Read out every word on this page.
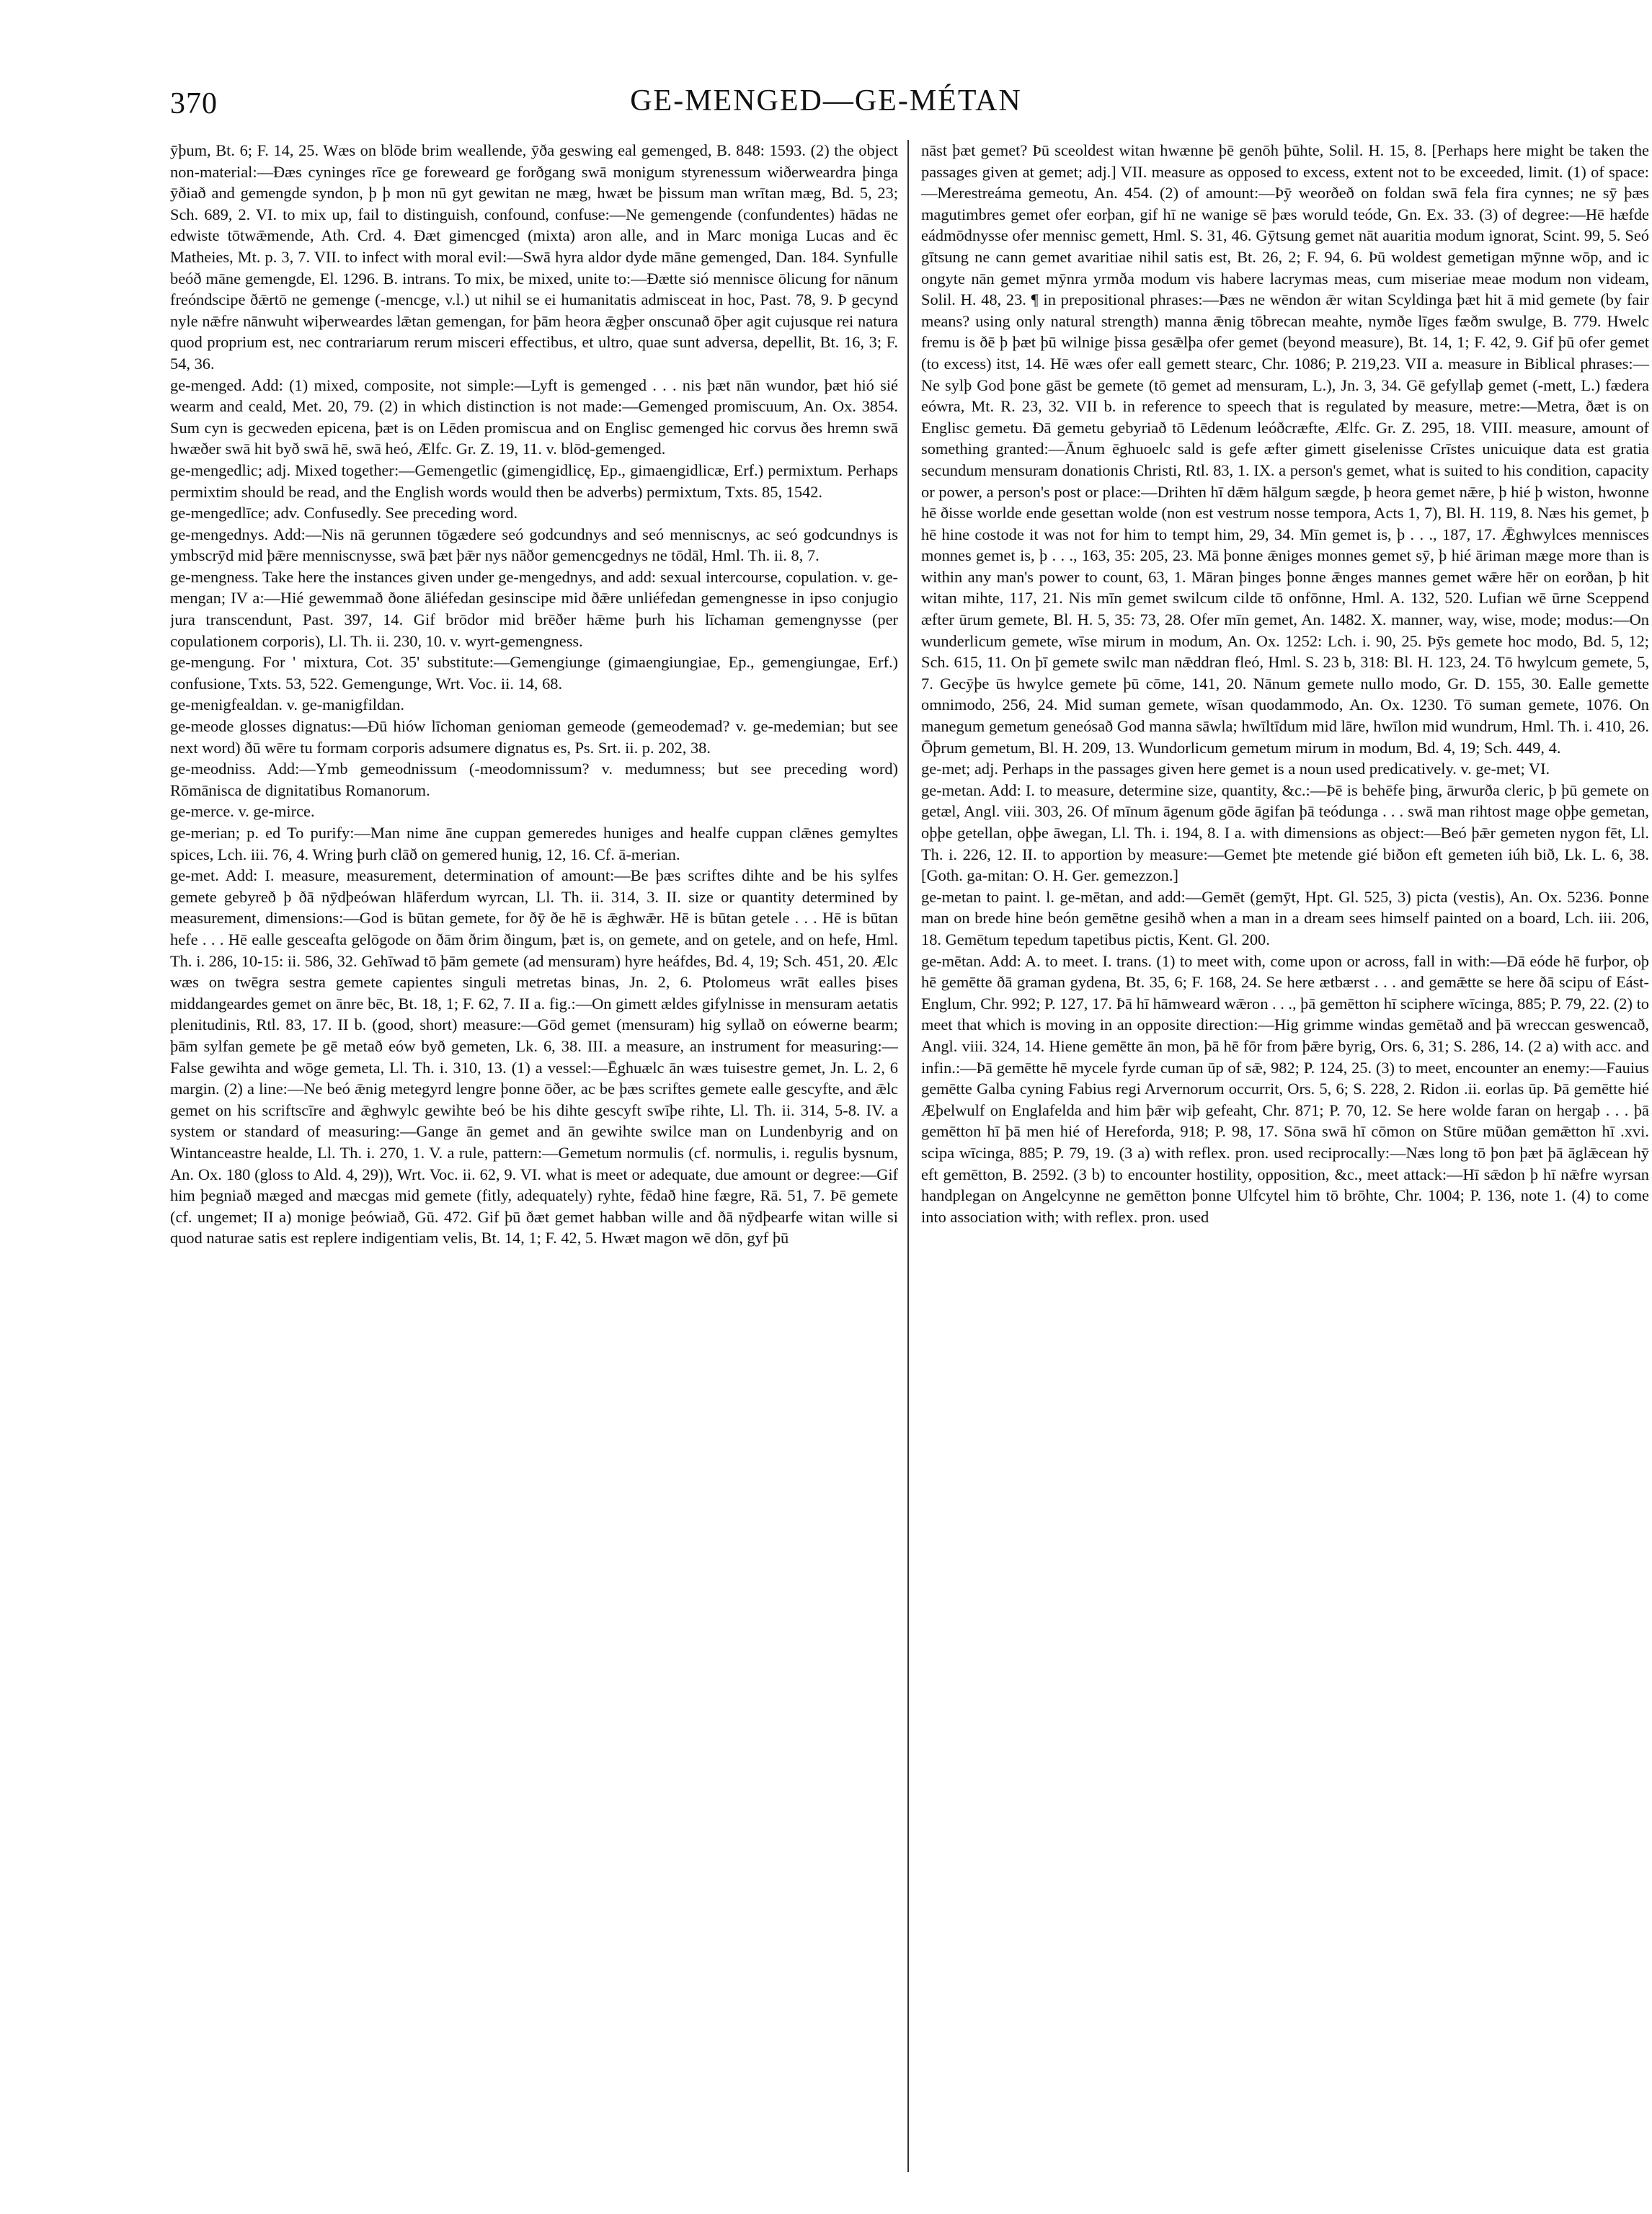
370	GE-MENGED—GE-MÉTAN

ȳþum, Bt. 6; F. 14, 25. Wæs on blōde brim weallende, ȳða geswing eal gemenged, B. 848: 1593. (2) the object non-material:—Ðæs cyninges rīce ge foreweard ge forðgang swā monigum styrenessum wiðerweardra þinga ȳðiað and gemengde syndon, þ þ mon nū gyt gewitan ne mæg, hwæt be þissum man wrītan mæg, Bd. 5, 23; Sch. 689, 2. VI. to mix up, fail to distinguish, confound, confuse:—Ne gemengende (confundentes) hādas ne edwiste tōtwǣmende, Ath. Crd. 4. Ðæt gimencged (mixta) aron alle, and in Marc moniga Lucas and ēc Matheies, Mt. p. 3, 7. VII. to infect with moral evil:—Swā hyra aldor dyde māne gemenged, Dan. 184. Synfulle beóð māne gemengde, El. 1296. B. intrans. To mix, be mixed, unite to:—Ðætte sió mennisce ōlicung for nānum freóndscipe ðǣrtō ne gemenge (-mencge, v.l.) ut nihil se ei humanitatis admisceat in hoc, Past. 78, 9. Þ gecynd nyle nǣfre nānwuht wiþerweardes lǣtan gemengan, for þām heora ǣgþer onscunað ōþer agit cujusque rei natura quod proprium est, nec contrariarum rerum misceri effectibus, et ultro, quae sunt adversa, depellit, Bt. 16, 3; F. 54, 36.

ge-menged. Add: (1) mixed, composite, not simple:—Lyft is gemenged . . . nis þæt nān wundor, þæt hió sié wearm and ceald, Met. 20, 79. (2) in which distinction is not made:—Gemenged promiscuum, An. Ox. 3854. Sum cyn is gecweden epicena, þæt is on Lēden promiscua and on Englisc gemenged hic corvus ðes hremn swā hwæðer swā hit byð swā hē, swā heó, Ælfc. Gr. Z. 19, 11. v. blōd-gemenged.

ge-mengedlic; adj. Mixed together:—Gemengetlic (gimengidlicę, Ep., gimaengidlicæ, Erf.) permixtum. Perhaps permixtim should be read, and the English words would then be adverbs) permixtum, Txts. 85, 1542.

ge-mengedlīce; adv. Confusedly. See preceding word.

ge-mengednys. Add:—Nis nā gerunnen tōgædere seó godcundnys and seó menniscnys, ac seó godcundnys is ymbscrȳd mid þǣre menniscnysse, swā þæt þǣr nys nāðor gemencgednys ne tōdāl, Hml. Th. ii. 8, 7.

ge-mengness. Take here the instances given under ge-mengednys, and add: sexual intercourse, copulation. v. ge-mengan; IV a:—Hié gewemmað ðone āliéfedan gesinscipe mid ðǣre unliéfedan gemengnesse in ipso conjugio jura transcendunt, Past. 397, 14. Gif brōdor mid brēðer hǣme þurh his līchaman gemengnysse (per copulationem corporis), Ll. Th. ii. 230, 10. v. wyrt-gemengness.

ge-mengung. For ' mixtura, Cot. 35' substitute:—Gemengiunge (gimaengiungiae, Ep., gemengiungae, Erf.) confusione, Txts. 53, 522. Gemengunge, Wrt. Voc. ii. 14, 68.

ge-menigfealdan. v. ge-manigfildan.

ge-meode glosses dignatus:—Ðū hiów līchoman genioman gemeode (gemeodemad? v. ge-medemian; but see next word) ðū wēre tu formam corporis adsumere dignatus es, Ps. Srt. ii. p. 202, 38.

ge-meodniss. Add:—Ymb gemeodnissum (-meodomnissum? v. medumness; but see preceding word) Rōmānisca de dignitatibus Romanorum.

ge-merce. v. ge-mirce.

ge-merian; p. ed To purify:—Man nime āne cuppan gemeredes huniges and healfe cuppan clǣnes gemyltes spices, Lch. iii. 76, 4. Wring þurh clāð on gemered hunig, 12, 16. Cf. ā-merian.

ge-met. Add: I. measure, measurement, determination of amount:—Be þæs scriftes dihte and be his sylfes gemete gebyreð þ ðā nȳdþeówan hlāferdum wyrcan, Ll. Th. ii. 314, 3. II. size or quantity determined by measurement, dimensions:—God is būtan gemete, for ðȳ ðe hē is ǣghwǣr. Hē is būtan getele . . . Hē is būtan hefe . . . Hē ealle gesceafta gelōgode on ðām ðrim ðingum, þæt is, on gemete, and on getele, and on hefe, Hml. Th. i. 286, 10-15: ii. 586, 32. Gehīwad tō þām gemete (ad mensuram) hyre heáfdes, Bd. 4, 19; Sch. 451, 20. Ælc wæs on twēgra sestra gemete capientes singuli metretas binas, Jn. 2, 6. Ptolomeus wrāt ealles þises middangeardes gemet on ānre bēc, Bt. 18, 1; F. 62, 7. II a. fig.:—On gimett ældes gifylnisse in mensuram aetatis plenitudinis, Rtl. 83, 17. II b. (good, short) measure:—Gōd gemet (mensuram) hig syllað on eówerne bearm; þām sylfan gemete þe gē metað eów byð gemeten, Lk. 6, 38. III. a measure, an instrument for measuring:—False gewihta and wōge gemeta, Ll. Th. i. 310, 13. (1) a vessel:—Ēghuælc ān wæs tuisestre gemet, Jn. L. 2, 6 margin. (2) a line:—Ne beó ǣnig metegyrd lengre þonne ōðer, ac be þæs scriftes gemete ealle gescyfte, and ǣlc gemet on his scriftscīre and ǣghwylc gewihte beó be his dihte gescyft swīþe rihte, Ll. Th. ii. 314, 5-8. IV. a system or standard of measuring:—Gange ān gemet and ān gewihte swilce man on Lundenbyrig and on Wintanceastre healde, Ll. Th. i. 270, 1. V. a rule, pattern:—Gemetum normulis (cf. normulis, i. regulis bysnum, An. Ox. 180 (gloss to Ald. 4, 29)), Wrt. Voc. ii. 62, 9. VI. what is meet or adequate, due amount or degree:—Gif him þegniað mæged and mæcgas mid gemete (fitly, adequately) ryhte, fēdað hine fægre, Rā. 51, 7. Þē gemete (cf. ungemet; II a) monige þeówiað, Gū. 472. Gif þū ðæt gemet habban wille and ðā nȳdþearfe witan wille si quod naturae satis est replere indigentiam velis, Bt. 14, 1; F. 42, 5. Hwæt magon wē dōn, gyf þū

nāst þæt gemet? Þū sceoldest witan hwænne þē genōh þūhte, Solil. H. 15, 8. [Perhaps here might be taken the passages given at gemet; adj.] VII. measure as opposed to excess, extent not to be exceeded, limit. (1) of space:—Merestreáma gemeotu, An. 454. (2) of amount:—Þȳ weorðeð on foldan swā fela fira cynnes; ne sȳ þæs magutimbres gemet ofer eorþan, gif hī ne wanige sē þæs woruld teóde, Gn. Ex. 33. (3) of degree:—Hē hæfde eádmōdnysse ofer mennisc gemett, Hml. S. 31, 46. Gȳtsung gemet nāt auaritia modum ignorat, Scint. 99, 5. Seó gītsung ne cann gemet avaritiae nihil satis est, Bt. 26, 2; F. 94, 6. Þū woldest gemetigan mȳnne wōp, and ic ongyte nān gemet mȳnra yrmða modum vis habere lacrymas meas, cum miseriae meae modum non videam, Solil. H. 48, 23. ¶ in prepositional phrases:—Þæs ne wēndon ǣr witan Scyldinga þæt hit ā mid gemete (by fair means? using only natural strength) manna ǣnig tōbrecan meahte, nymðe līges fæðm swulge, B. 779. Hwelc fremu is ðē þ þæt þū wilnige þissa gesǣlþa ofer gemet (beyond measure), Bt. 14, 1; F. 42, 9. Gif þū ofer gemet (to excess) itst, 14. Hē wæs ofer eall gemett stearc, Chr. 1086; P. 219,23. VII a. measure in Biblical phrases:—Ne sylþ God þone gāst be gemete (tō gemet ad mensuram, L.), Jn. 3, 34. Gē gefyllaþ gemet (-mett, L.) fædera eówra, Mt. R. 23, 32. VII b. in reference to speech that is regulated by measure, metre:—Metra, ðæt is on Englisc gemetu. Ðā gemetu gebyriað tō Lēdenum leóðcræfte, Ælfc. Gr. Z. 295, 18. VIII. measure, amount of something granted:—Ānum ēghuoelc sald is gefe æfter gimett giselenisse Crīstes unicuique data est gratia secundum mensuram donationis Christi, Rtl. 83, 1. IX. a person's gemet, what is suited to his condition, capacity or power, a person's post or place:—Drihten hī dǣm hālgum sægde, þ heora gemet nǣre, þ hié þ wiston, hwonne hē ðisse worlde ende gesettan wolde (non est vestrum nosse tempora, Acts 1, 7), Bl. H. 119, 8. Næs his gemet, þ hē hine costode it was not for him to tempt him, 29, 34. Mīn gemet is, þ . . ., 187, 17. Ǣghwylces mennisces monnes gemet is, þ . . ., 163, 35: 205, 23. Mā þonne ǣniges monnes gemet sȳ, þ hié āriman mæge more than is within any man's power to count, 63, 1. Māran þinges þonne ǣnges mannes gemet wǣre hēr on eorðan, þ hit witan mihte, 117, 21. Nis mīn gemet swilcum cilde tō onfōnne, Hml. A. 132, 520. Lufian wē ūrne Sceppend æfter ūrum gemete, Bl. H. 5, 35: 73, 28. Ofer mīn gemet, An. 1482. X. manner, way, wise, mode; modus:—On wunderlicum gemete, wīse mirum in modum, An. Ox. 1252: Lch. i. 90, 25. Þȳs gemete hoc modo, Bd. 5, 12; Sch. 615, 11. On þī gemete swilc man nǣddran fleó, Hml. S. 23 b, 318: Bl. H. 123, 24. Tō hwylcum gemete, 5, 7. Gecȳþe ūs hwylce gemete þū cōme, 141, 20. Nānum gemete nullo modo, Gr. D. 155, 30. Ealle gemette omnimodo, 256, 24. Mid suman gemete, wīsan quodammodo, An. Ox. 1230. Tō suman gemete, 1076. On manegum gemetum geneósað God manna sāwla; hwīltīdum mid lāre, hwīlon mid wundrum, Hml. Th. i. 410, 26. Ōþrum gemetum, Bl. H. 209, 13. Wundorlicum gemetum mirum in modum, Bd. 4, 19; Sch. 449, 4.

ge-met; adj. Perhaps in the passages given here gemet is a noun used predicatively. v. ge-met; VI.

ge-metan. Add: I. to measure, determine size, quantity, &c.:—Þē is behēfe þing, ārwurða cleric, þ þū gemete on getæl, Angl. viii. 303, 26. Of mīnum āgenum gōde āgifan þā teódunga . . . swā man rihtost mage oþþe gemetan, oþþe getellan, oþþe āwegan, Ll. Th. i. 194, 8. I a. with dimensions as object:—Beó þǣr gemeten nygon fēt, Ll. Th. i. 226, 12. II. to apportion by measure:—Gemet þte metende gié biðon eft gemeten iúh bið, Lk. L. 6, 38. [Goth. ga-mitan: O. H. Ger. gemezzon.]

ge-metan to paint. l. ge-mētan, and add:—Gemēt (gemȳt, Hpt. Gl. 525, 3) picta (vestis), An. Ox. 5236. Þonne man on brede hine beón gemētne gesihð when a man in a dream sees himself painted on a board, Lch. iii. 206, 18. Gemētum tepedum tapetibus pictis, Kent. Gl. 200.

ge-mētan. Add: A. to meet. I. trans. (1) to meet with, come upon or across, fall in with:—Ðā eóde hē furþor, oþ hē gemētte ðā graman gydena, Bt. 35, 6; F. 168, 24. Se here ætbærst . . . and gemǣtte se here ðā scipu of Eást-Englum, Chr. 992; P. 127, 17. Þā hī hāmweard wǣron . . ., þā gemētton hī sciphere wīcinga, 885; P. 79, 22. (2) to meet that which is moving in an opposite direction:—Hig grimme windas gemētað and þā wreccan geswencað, Angl. viii. 324, 14. Hiene gemētte ān mon, þā hē fōr from þǣre byrig, Ors. 6, 31; S. 286, 14. (2 a) with acc. and infin.:—Þā gemētte hē mycele fyrde cuman ūp of sǣ, 982; P. 124, 25. (3) to meet, encounter an enemy:—Fauius gemētte Galba cyning Fabius regi Arvernorum occurrit, Ors. 5, 6; S. 228, 2. Ridon .ii. eorlas ūp. Þā gemētte hié Æþelwulf on Englafelda and him þǣr wiþ gefeaht, Chr. 871; P. 70, 12. Se here wolde faran on hergaþ . . . þā gemētton hī þā men hié of Hereforda, 918; P. 98, 17. Sōna swā hī cōmon on Stūre mūðan gemǣtton hī .xvi. scipa wīcinga, 885; P. 79, 19. (3 a) with reflex. pron. used reciprocally:—Næs long tō þon þæt þā āglǣcean hȳ eft gemētton, B. 2592. (3 b) to encounter hostility, opposition, &c., meet attack:—Hī sǣdon þ hī nǣfre wyrsan handplegan on Angelcynne ne gemētton þonne Ulfcytel him tō brōhte, Chr. 1004; P. 136, note 1. (4) to come into association with; with reflex. pron. used
